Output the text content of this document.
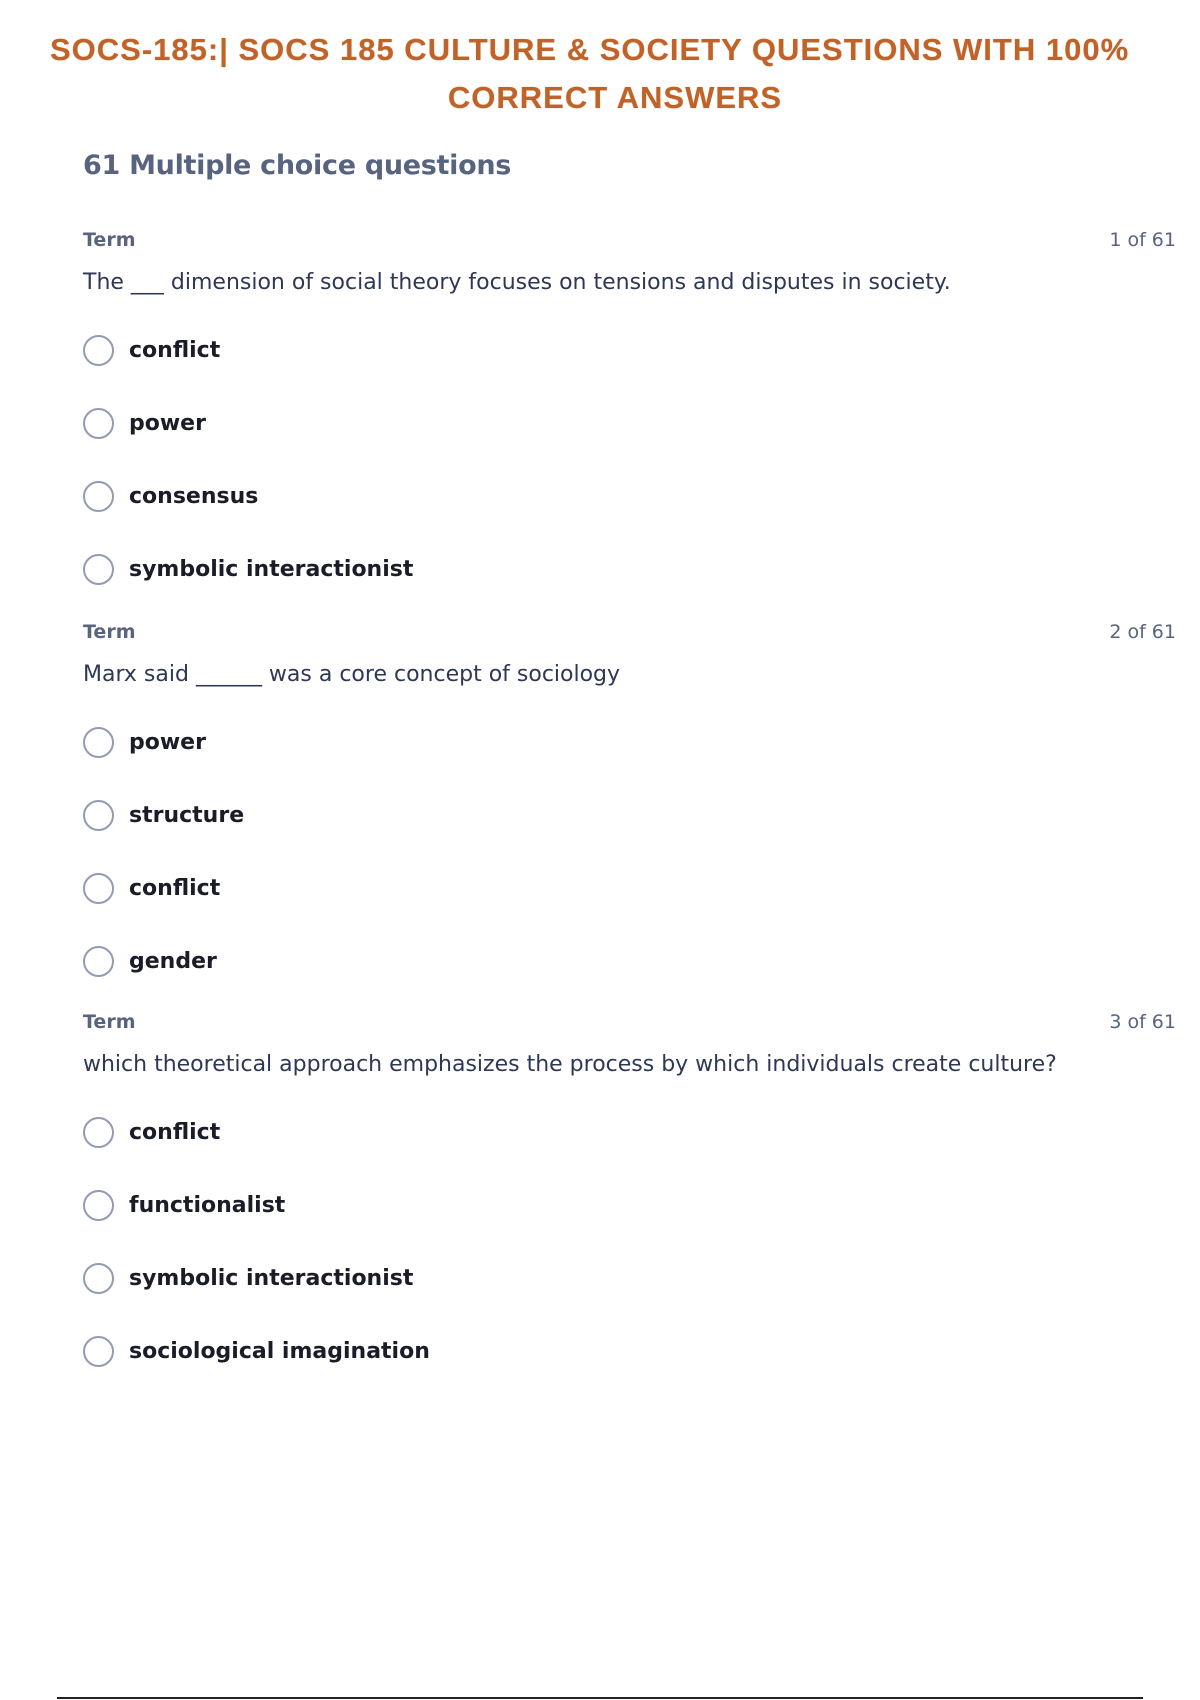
SOCS-185:| SOCS 185 CULTURE & SOCIETY QUESTIONS WITH 100%
CORRECT ANSWERS
61 Multiple choice questions
Term	1 of 61
The ___ dimension of social theory focuses on tensions and disputes in society.
conflict
power
consensus
symbolic interactionist
Term	2 of 61
Marx said ______ was a core concept of sociology
power
structure
conflict
gender
Term	3 of 61
which theoretical approach emphasizes the process by which individuals create culture?
conflict
functionalist
symbolic interactionist
sociological imagination
